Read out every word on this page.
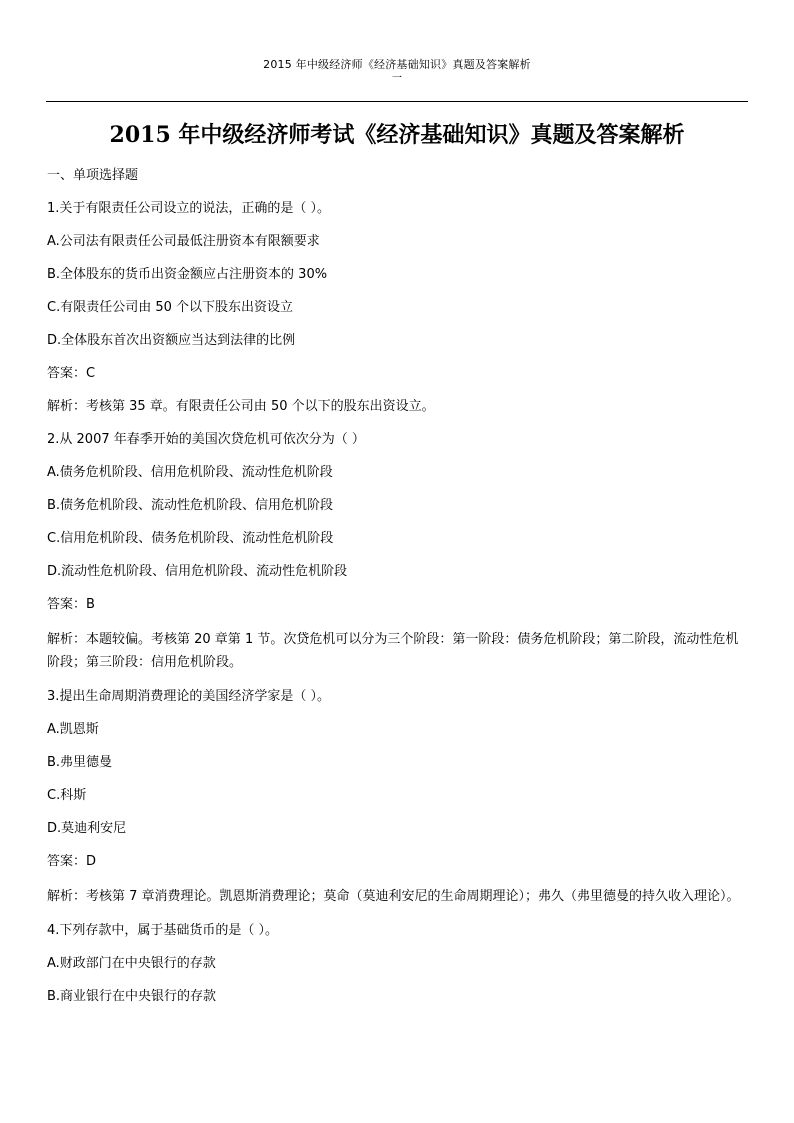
2015 年中级经济师《经济基础知识》真题及答案解析
一
2015 年中级经济师考试《经济基础知识》真题及答案解析

一、单项选择题

1.关于有限责任公司设立的说法，正确的是（ ）。

A.公司法有限责任公司最低注册资本有限额要求

B.全体股东的货币出资金额应占注册资本的 30%

C.有限责任公司由 50 个以下股东出资设立

D.全体股东首次出资额应当达到法律的比例

答案：C

解析：考核第 35 章。有限责任公司由 50 个以下的股东出资设立。

2.从 2007 年春季开始的美国次贷危机可依次分为（ ）

A.债务危机阶段、信用危机阶段、流动性危机阶段

B.债务危机阶段、流动性危机阶段、信用危机阶段

C.信用危机阶段、债务危机阶段、流动性危机阶段

D.流动性危机阶段、信用危机阶段、流动性危机阶段

答案：B

解析：本题较偏。考核第 20 章第 1 节。次贷危机可以分为三个阶段：第一阶段：债务危机阶段；第二阶段，流动性危机阶段；第三阶段：信用危机阶段。

3.提出生命周期消费理论的美国经济学家是（ ）。

A.凯恩斯

B.弗里德曼

C.科斯

D.莫迪利安尼

答案：D

解析：考核第 7 章消费理论。凯恩斯消费理论；莫命（莫迪利安尼的生命周期理论）；弗久（弗里德曼的持久收入理论）。

4.下列存款中，属于基础货币的是（ ）。

A.财政部门在中央银行的存款

B.商业银行在中央银行的存款
